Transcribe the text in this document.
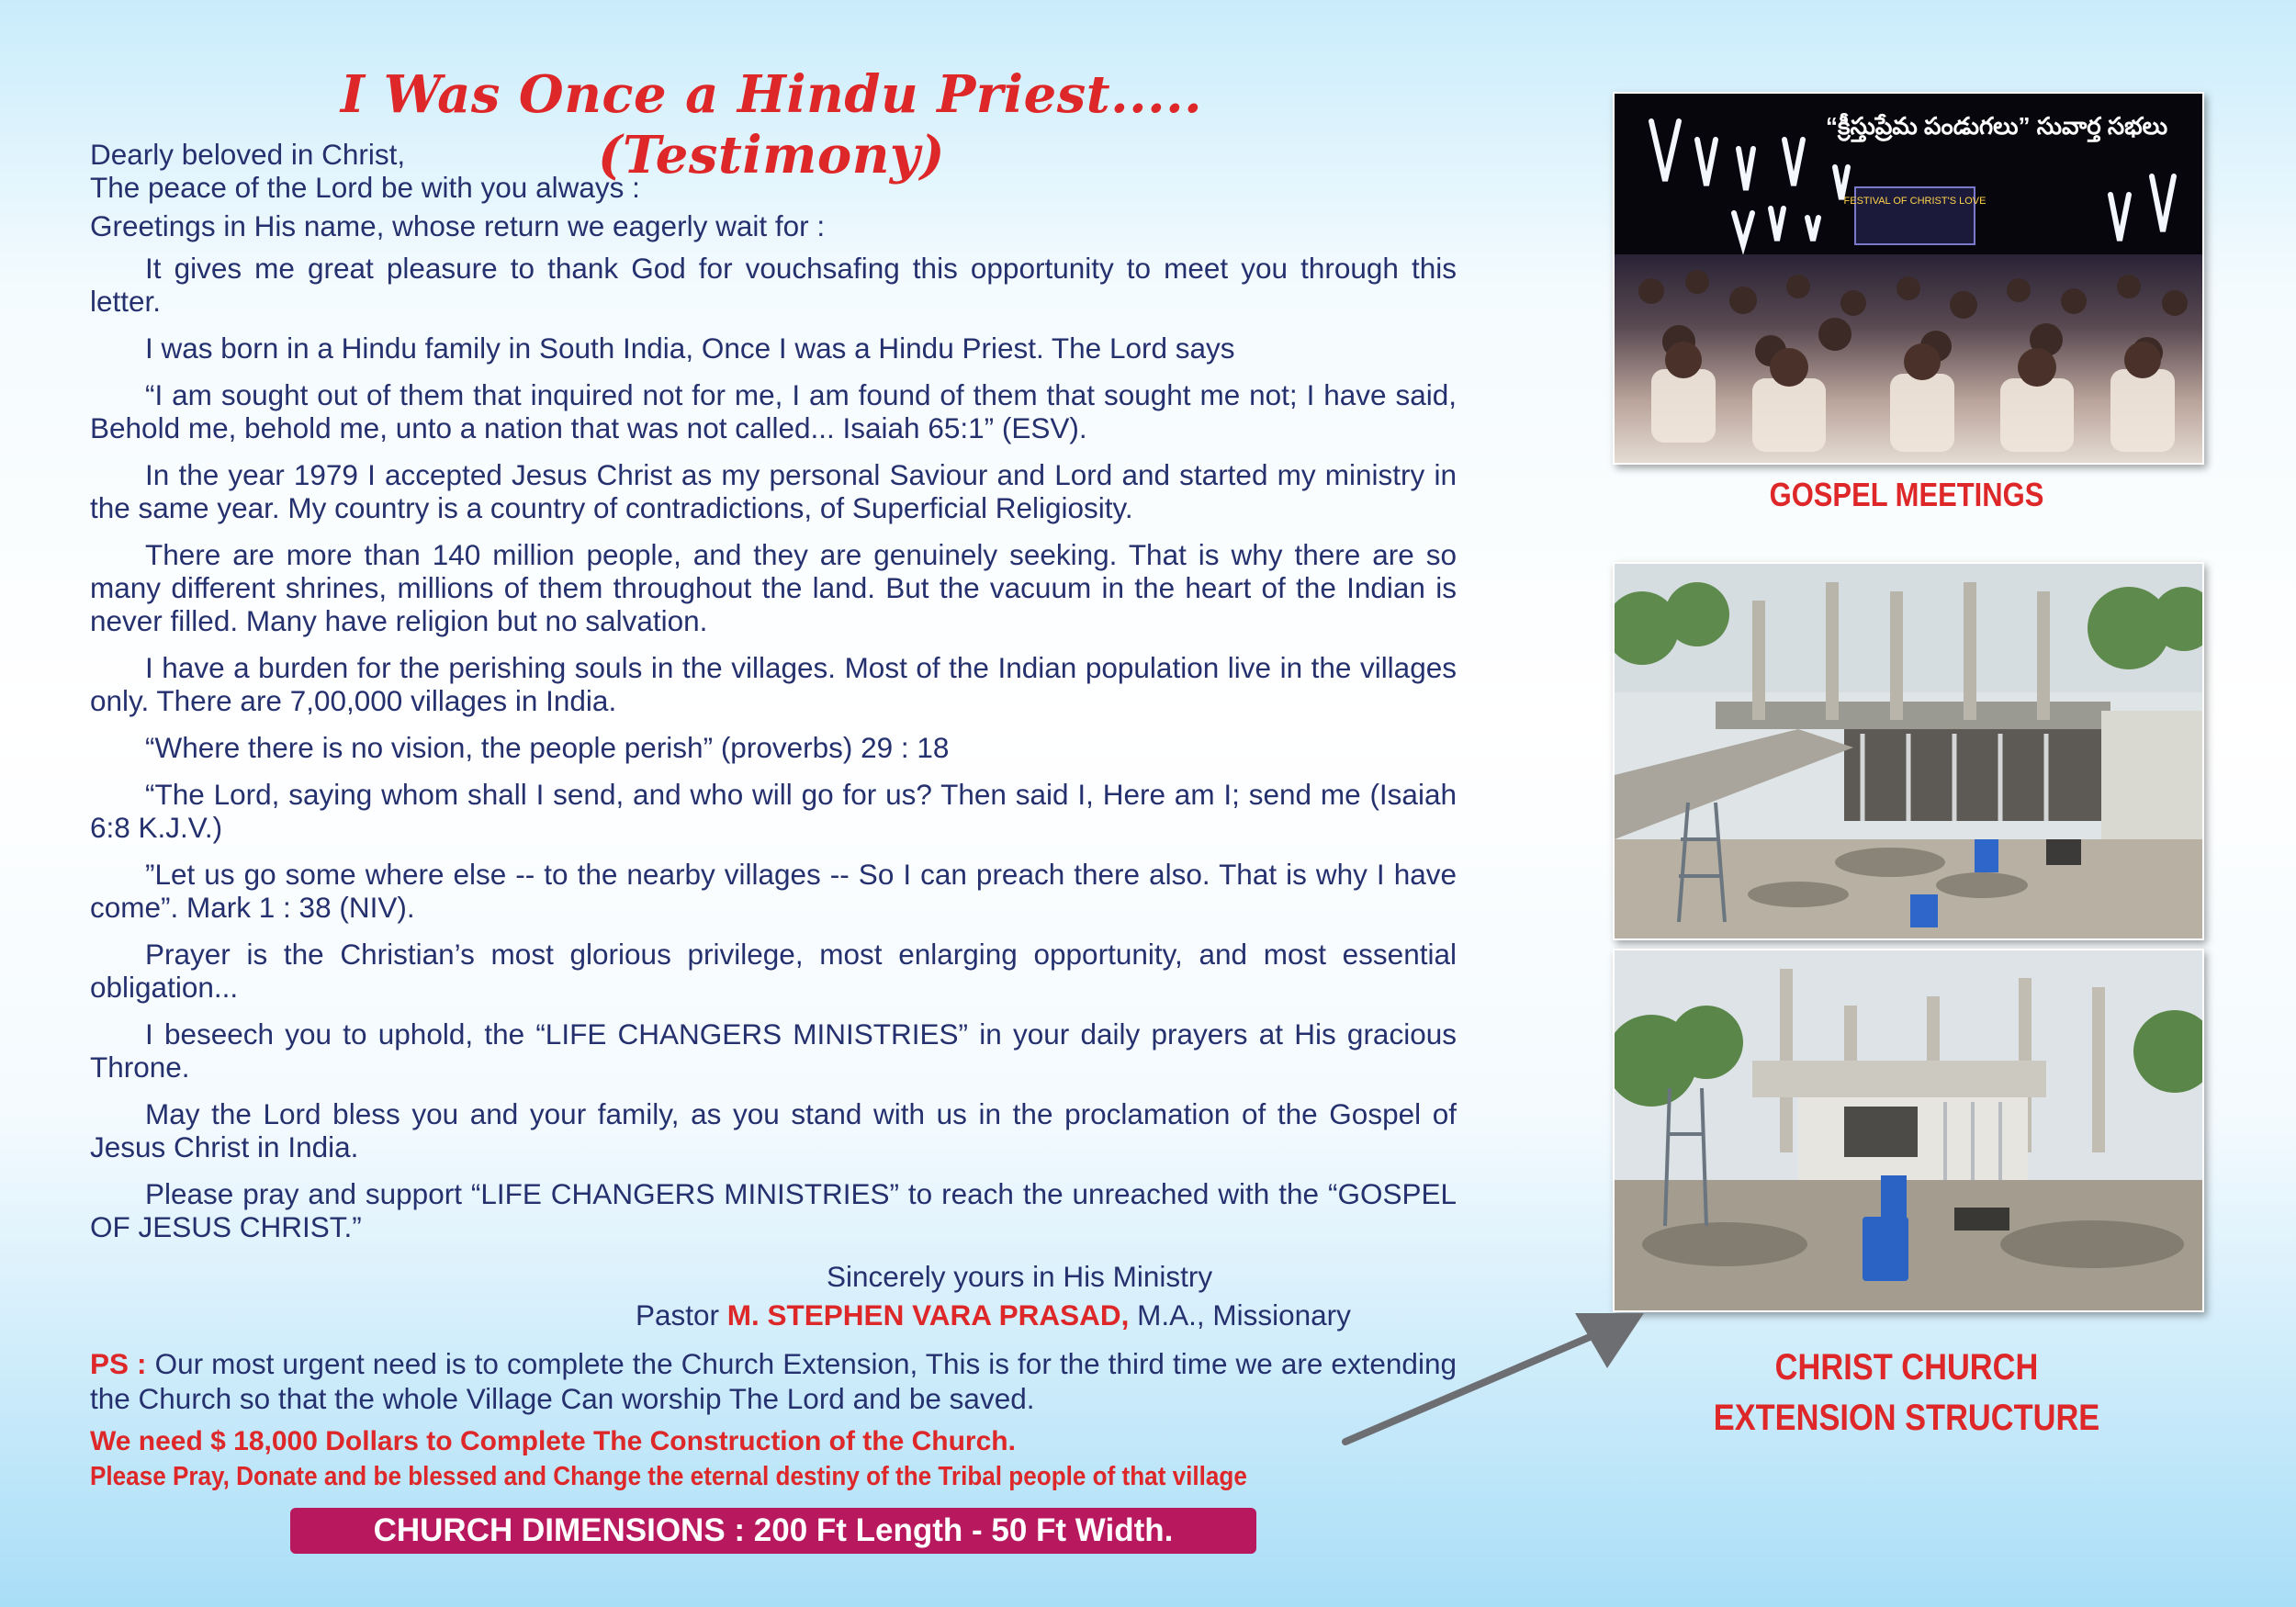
I Was Once a Hindu Priest..... (Testimony)

Dearly beloved in Christ,

The peace of the Lord be with you always :

Greetings in His name, whose return we eagerly wait for :

It gives me great pleasure to thank God for vouchsafing this opportunity to meet you through this letter.

I was born in a Hindu family in South India, Once I was a Hindu Priest. The Lord says

“I am sought out of them that inquired not for me, I am found of them that sought me not; I have said, Behold me, behold me, unto a nation that was not called... Isaiah 65:1” (ESV).

In the year 1979 I accepted Jesus Christ as my personal Saviour and Lord and started my ministry in the same year. My country is a country of contradictions, of Superficial Religiosity.

There are more than 140 million people, and they are genuinely seeking. That is why there are so many different shrines, millions of them throughout the land. But the vacuum in the heart of the Indian is never filled. Many have religion but no salvation.

I have a burden for the perishing souls in the villages. Most of the Indian population live in the villages only. There are 7,00,000 villages in India.

“Where there is no vision, the people perish” (proverbs) 29 : 18

“The Lord, saying whom shall I send, and who will go for us? Then said I, Here am I; send me (Isaiah 6:8 K.J.V.)

”Let us go some where else -- to the nearby villages -- So I can preach there also. That is why I have come”. Mark 1 : 38 (NIV).

Prayer is the Christian’s most glorious privilege, most enlarging opportunity, and most essential obligation...

I beseech you to uphold, the “LIFE CHANGERS MINISTRIES” in your daily prayers at His gracious Throne.

May the Lord bless you and your family, as you stand with us in the proclamation of the Gospel of Jesus Christ in India.

Please pray and support “LIFE CHANGERS MINISTRIES” to reach the unreached with the “GOSPEL OF JESUS CHRIST.”

Sincerely yours in His Ministry
Pastor M. STEPHEN VARA PRASAD, M.A., Missionary
PS : Our most urgent need is to complete the Church Extension, This is for the third time we are extending the Church so that the whole Village Can worship The Lord and be saved.
We need $ 18,000 Dollars to Complete The Construction of the Church.
Please Pray, Donate and be blessed and Change the eternal destiny of the Tribal people of that village
CHURCH DIMENSIONS : 200 Ft Length - 50 Ft Width.
FESTIVAL OF CHRIST'S LOVE
“క్రీస్తుప్రేమ పండుగలు” సువార్త సభలు
GOSPEL MEETINGS
CHRIST CHURCH
EXTENSION STRUCTURE
